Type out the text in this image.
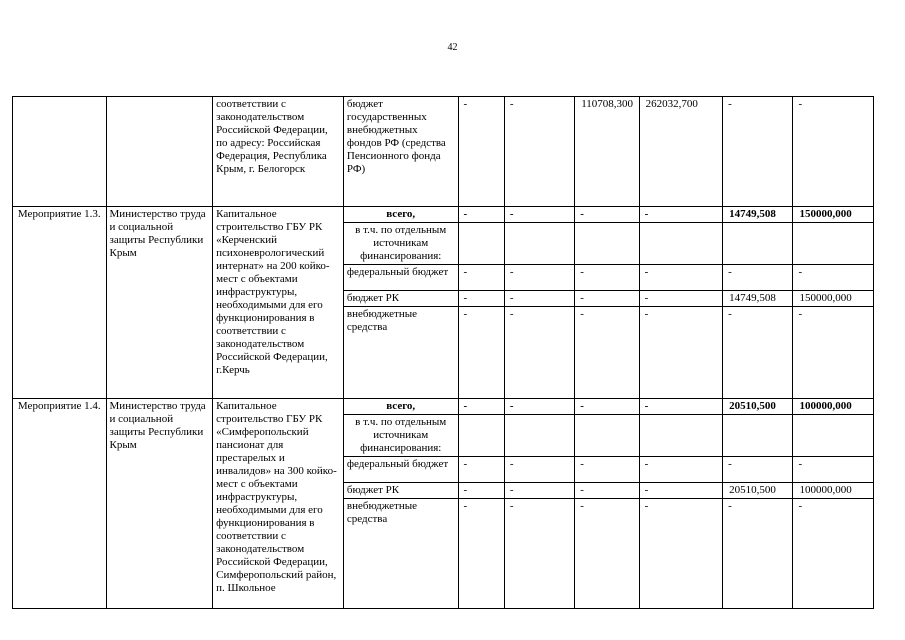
42
		соответствии с законодательством Российской Федерации, по адресу: Российская Федерация, Республика Крым, г. Белогорск	бюджет государственных внебюджетных фондов РФ (средства Пенсионного фонда РФ)	-	-	110708,300	262032,700	-	-
Мероприятие 1.3.	Министерство труда и социальной защиты Республики Крым	Капитальное строительство ГБУ РК «Керченский психоневрологический интернат» на 200 койко-мест с объектами инфраструктуры, необходимыми для его функционирования в соответствии с законодательством Российской Федерации, г.Керчь	всего,	-	-	-	-	14749,508	150000,000
			в т.ч. по отдельным источникам финансирования:						
			федеральный бюджет	-	-	-	-	-	-
			бюджет РК	-	-	-	-	14749,508	150000,000
			внебюджетные средства	-	-	-	-	-	-
Мероприятие 1.4.	Министерство труда и социальной защиты Республики Крым	Капитальное строительство ГБУ РК «Симферопольский пансионат для престарелых и инвалидов» на 300 койко-мест с объектами инфраструктуры, необходимыми для его функционирования в соответствии с законодательством Российской Федерации, Симферопольский район, п. Школьное	всего,	-	-	-	-	20510,500	100000,000
			в т.ч. по отдельным источникам финансирования:						
			федеральный бюджет	-	-	-	-	-	-
			бюджет РК	-	-	-	-	20510,500	100000,000
			внебюджетные средства	-	-	-	-	-	-
